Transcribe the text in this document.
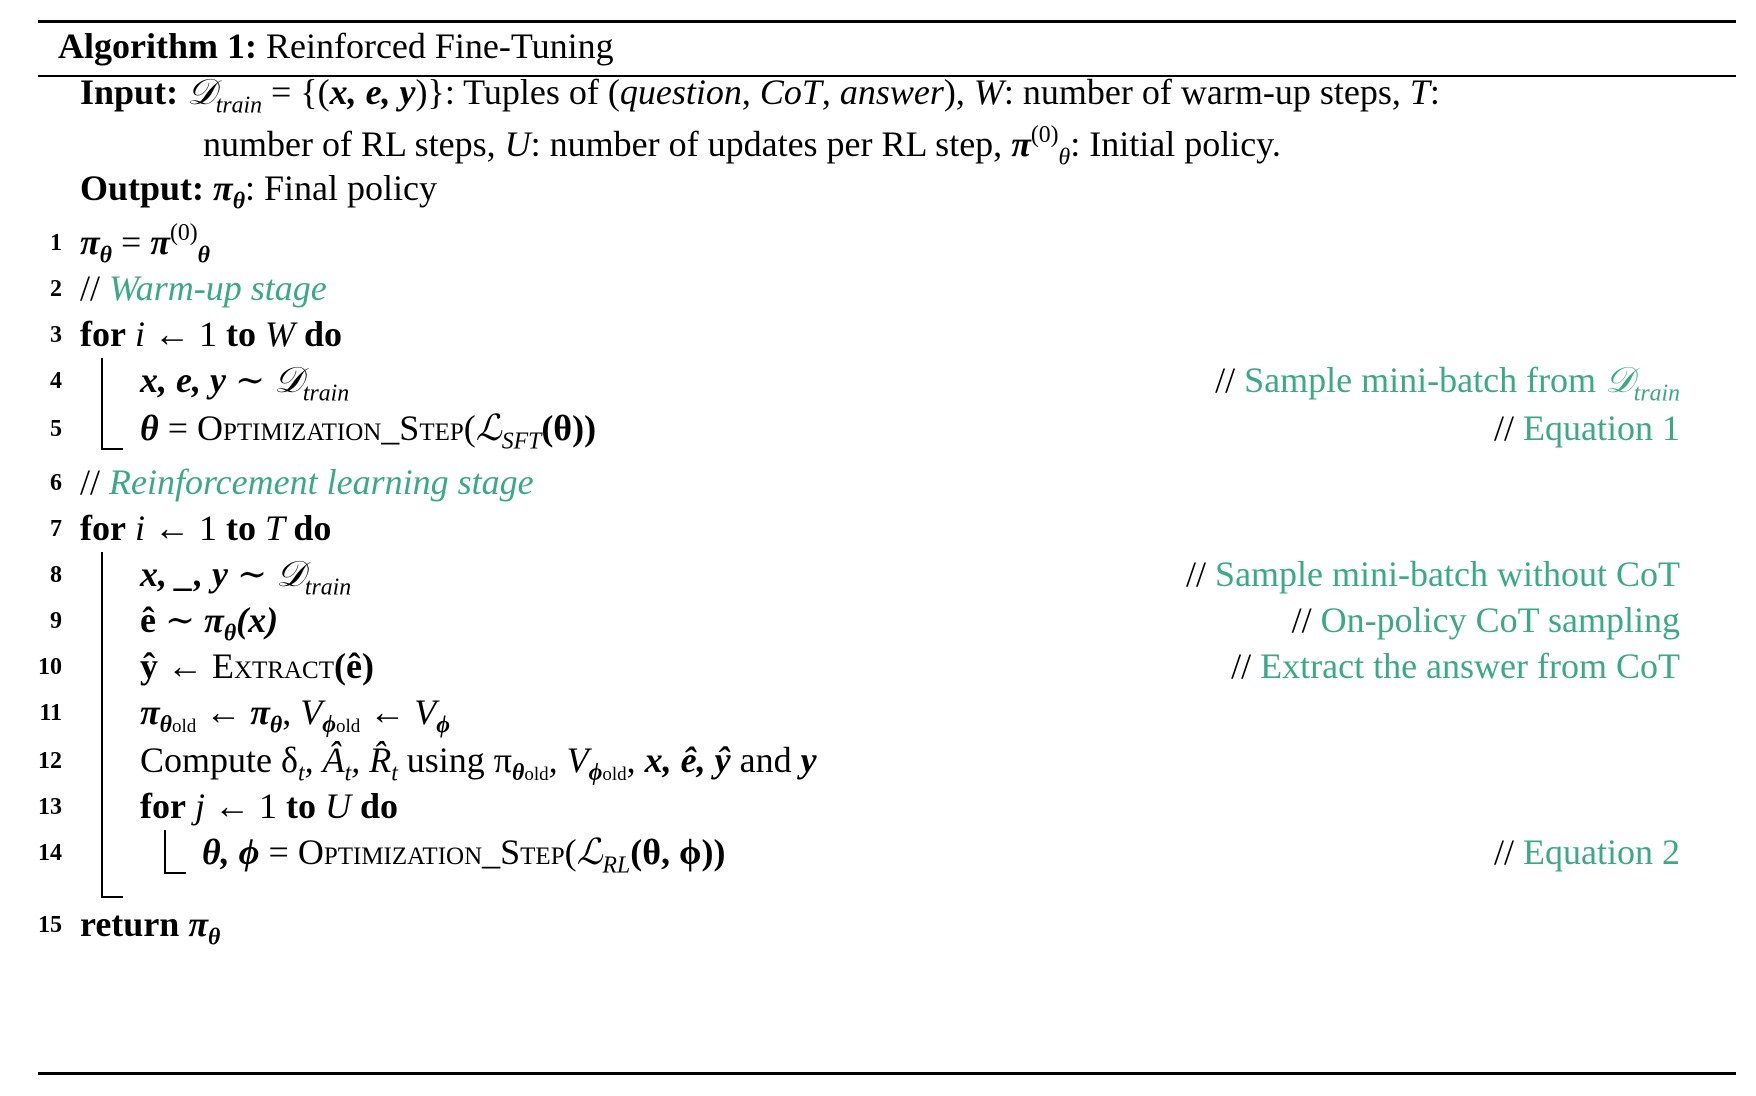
Algorithm 1: Reinforced Fine-Tuning
Input: 𝒟$_{train}$ = {(x, e, y)}: Tuples of (question, CoT, answer), W: number of warm-up steps, T:
number of RL steps, U: number of updates per RL step, $\pi^{(0)}_\theta$: Initial policy.
Output: $\pi_\theta$: Final policy
1 $\pi_\theta = \pi^{(0)}_\theta$
2 // Warm-up stage
3 for i ← 1 to W do
4 x, e, y ∼ 𝒟$_{train}$	// Sample mini-batch from 𝒟$_{train}$
5 θ = Optimization_Step(ℒ$_{SFT}$(θ))	// Equation 1
6 // Reinforcement learning stage
7 for i ← 1 to T do
8 x, _, y ∼ 𝒟$_{train}$	// Sample mini-batch without CoT
9 ê ∼ $\pi_\theta(x)$	// On-policy CoT sampling
10 ŷ ← Extract(ê)	// Extract the answer from CoT
11 $\pi_{\theta old}$ ← $\pi_\theta$, $V_{\phi old}$ ← $V_\phi$
12 Compute $\delta_t$, $Â_t$, $R̂_t$ using $\pi_{\theta old}$, $V_{\phi old}$, x, ê, ŷ and y
13 for j ← 1 to U do
14	θ, ϕ = Optimization_Step(ℒ$_{RL}$(θ, ϕ))	// Equation 2
15 return $\pi_\theta$
